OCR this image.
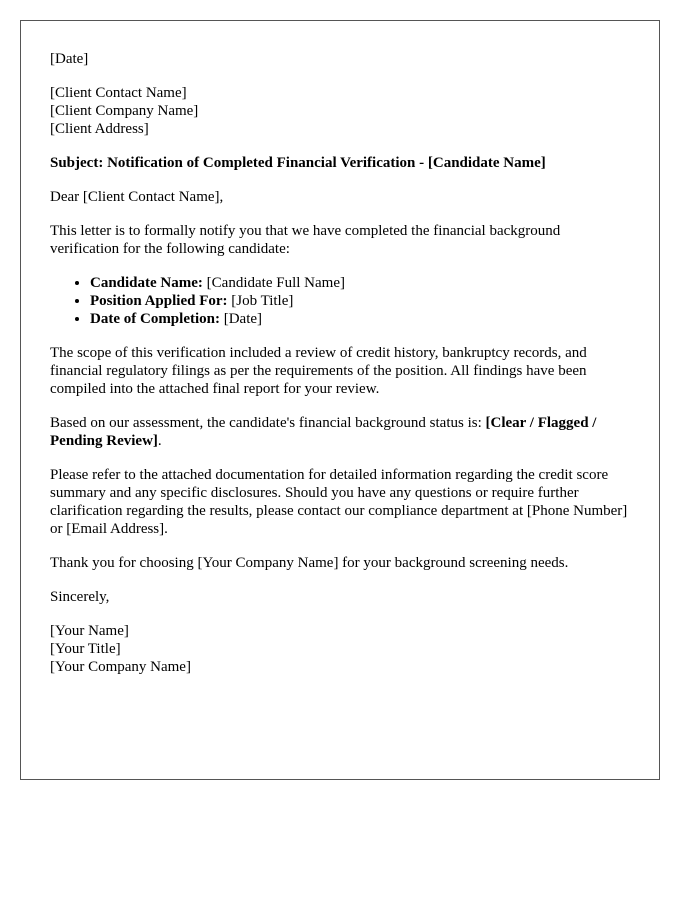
[Date]

[Client Contact Name]
[Client Company Name]
[Client Address]

Subject: Notification of Completed Financial Verification - [Candidate Name]

Dear [Client Contact Name],

This letter is to formally notify you that we have completed the financial background verification for the following candidate:

• Candidate Name: [Candidate Full Name]
• Position Applied For: [Job Title]
• Date of Completion: [Date]

The scope of this verification included a review of credit history, bankruptcy records, and financial regulatory filings as per the requirements of the position. All findings have been compiled into the attached final report for your review.

Based on our assessment, the candidate's financial background status is: [Clear / Flagged / Pending Review].

Please refer to the attached documentation for detailed information regarding the credit score summary and any specific disclosures. Should you have any questions or require further clarification regarding the results, please contact our compliance department at [Phone Number] or [Email Address].

Thank you for choosing [Your Company Name] for your background screening needs.

Sincerely,

[Your Name]
[Your Title]
[Your Company Name]
